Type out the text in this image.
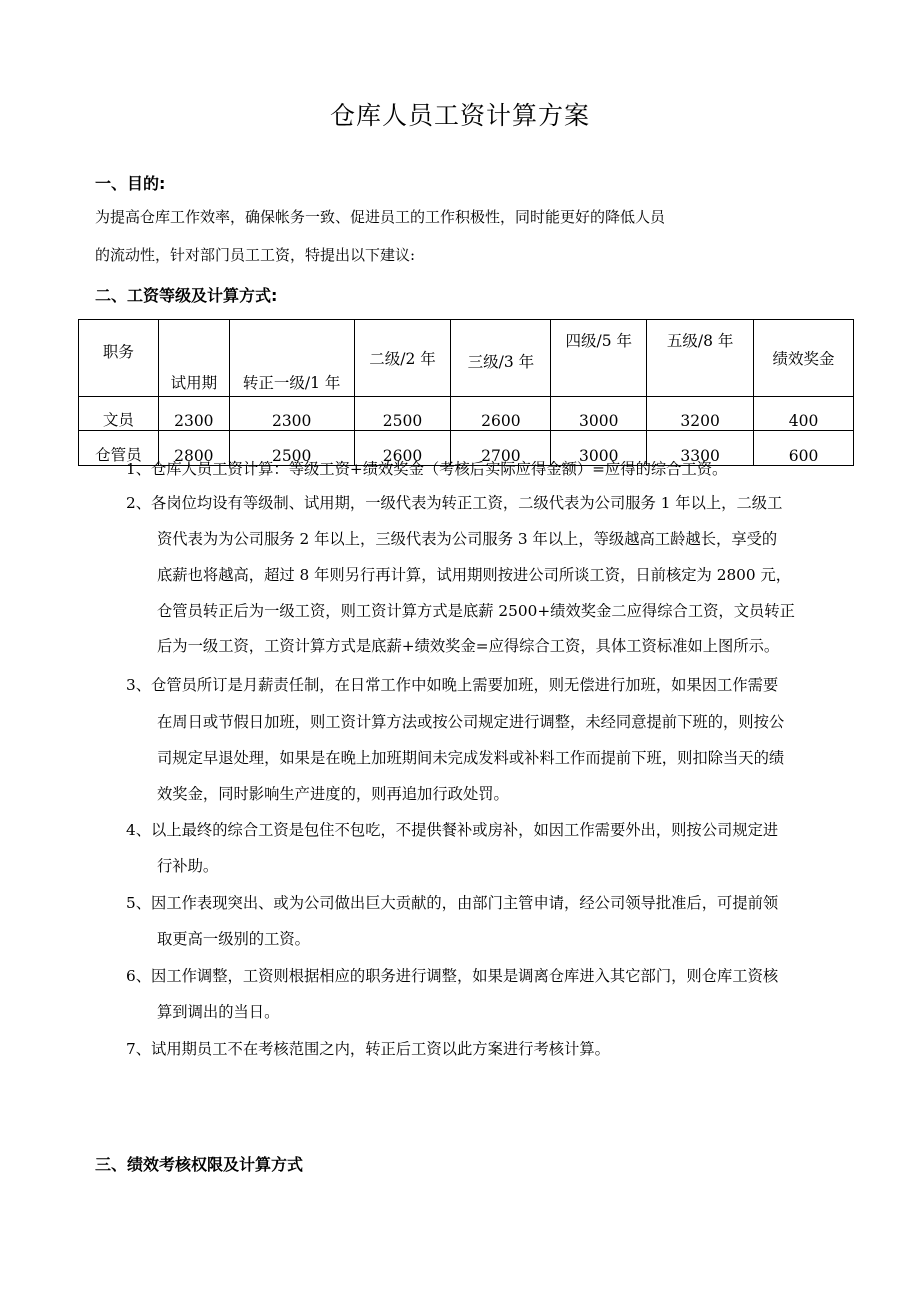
仓库人员工资计算方案
一、目的:
为提高仓库工作效率，确保帐务一致、促进员工的工作积极性，同时能更好的降低人员
的流动性，针对部门员工工资，特提出以下建议:
二、工资等级及计算方式:
职务	试用期	转正一级/1 年	二级/2 年	三级/3 年	四级/5 年	五级/8 年	绩效奖金
文员	2300	2300	2500	2600	3000	3200	400
仓管员	2800	2500	2600	2700	3000	3300	600
1、仓库人员工资计算：等级工资+绩效奖金（考核后实际应得金额）=应得的综合工资。
2、各岗位均设有等级制、试用期，一级代表为转正工资，二级代表为公司服务 1 年以上，二级工
资代表为为公司服务 2 年以上，三级代表为公司服务 3 年以上，等级越高工龄越长，享受的
底薪也将越高，超过 8 年则另行再计算，试用期则按进公司所谈工资，日前核定为 2800 元，
仓管员转正后为一级工资，则工资计算方式是底薪 2500+绩效奖金二应得综合工资，文员转正
后为一级工资，工资计算方式是底薪+绩效奖金=应得综合工资，具体工资标准如上图所示。
3、仓管员所订是月薪责任制，在日常工作中如晚上需要加班，则无偿进行加班，如果因工作需要
在周日或节假日加班，则工资计算方法或按公司规定进行调整，未经同意提前下班的，则按公
司规定早退处理，如果是在晚上加班期间未完成发料或补料工作而提前下班，则扣除当天的绩
效奖金，同时影响生产进度的，则再追加行政处罚。
4、以上最终的综合工资是包住不包吃，不提供餐补或房补，如因工作需要外出，则按公司规定进
行补助。
5、因工作表现突出、或为公司做出巨大贡献的，由部门主管申请，经公司领导批准后，可提前领
取更高一级别的工资。
6、因工作调整，工资则根据相应的职务进行调整，如果是调离仓库进入其它部门，则仓库工资核
算到调出的当日。
7、试用期员工不在考核范围之内，转正后工资以此方案进行考核计算。
三、绩效考核权限及计算方式
